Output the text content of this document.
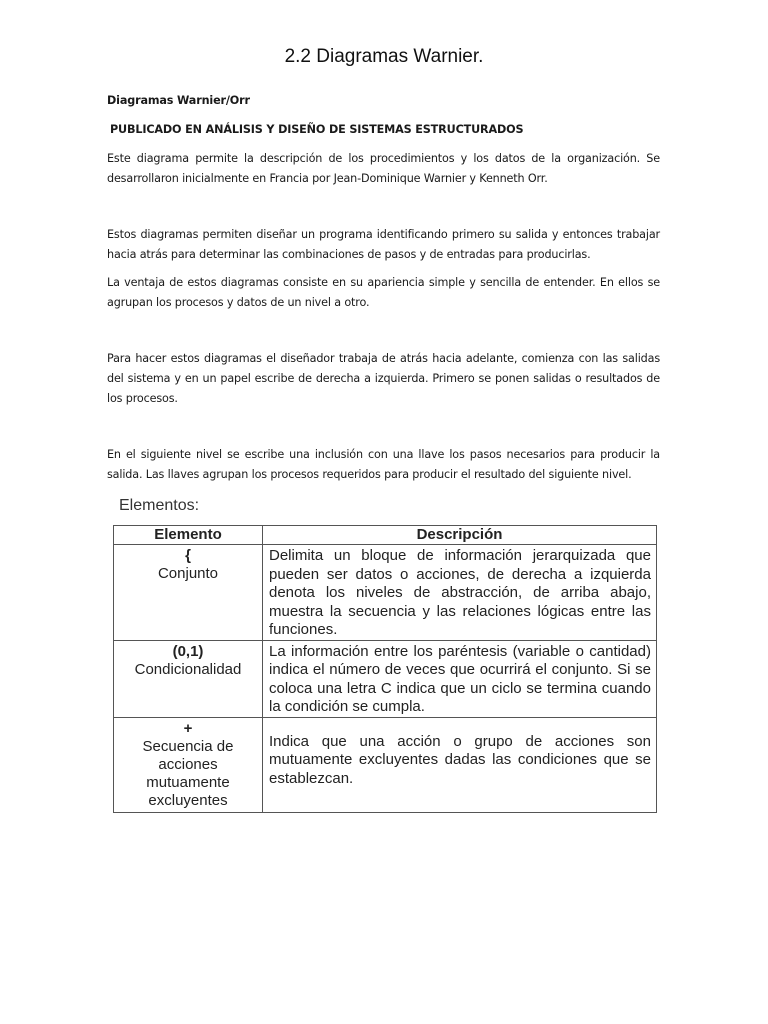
2.2 Diagramas Warnier.
Diagramas Warnier/Orr
PUBLICADO EN ANÁLISIS Y DISEÑO DE SISTEMAS ESTRUCTURADOS
Este diagrama permite la descripción de los procedimientos y los datos de la organización. Se desarrollaron inicialmente en Francia por Jean-Dominique Warnier y Kenneth Orr.
Estos diagramas permiten diseñar un programa identificando primero su salida y entonces trabajar hacia atrás para determinar las combinaciones de pasos y de entradas para producirlas.
La ventaja de estos diagramas consiste en su apariencia simple y sencilla de entender. En ellos se agrupan los procesos y datos de un nivel a otro.
Para hacer estos diagramas el diseñador trabaja de atrás hacia adelante, comienza con las salidas del sistema y en un papel escribe de derecha a izquierda. Primero se ponen salidas o resultados de los procesos.
En el siguiente nivel se escribe una inclusión con una llave los pasos necesarios para producir la salida. Las llaves agrupan los procesos requeridos para producir el resultado del siguiente nivel.
Elementos:
Elemento	Descripción

{
Conjunto	Delimita un bloque de información jerarquizada que pueden ser datos o acciones, de derecha a izquierda denota los niveles de abstracción, de arriba abajo, muestra la secuencia y las relaciones lógicas entre las funciones.

(0,1)
Condicionalidad	La información entre los paréntesis (variable o cantidad) indica el número de veces que ocurrirá el conjunto. Si se coloca una letra C indica que un ciclo se termina cuando la condición se cumpla.

+
Secuencia de acciones mutuamente excluyentes	Indica que una acción o grupo de acciones son mutuamente excluyentes dadas las condiciones que se establezcan.
